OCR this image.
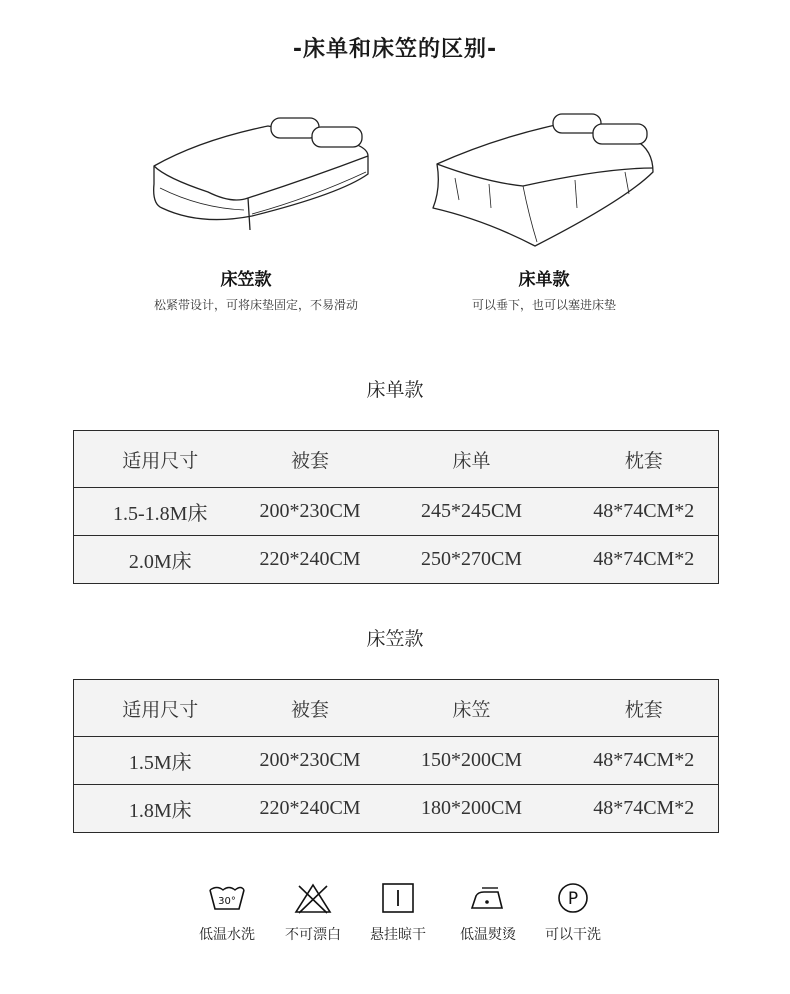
-床单和床笠的区别-
床笠款
松紧带设计，可将床垫固定，不易滑动
床单款
可以垂下，也可以塞进床垫
床单款
适用尺寸	被套	床单	枕套
1.5-1.8M床	200*230CM	245*245CM	48*74CM*2
2.0M床	220*240CM	250*270CM	48*74CM*2
床笠款
适用尺寸	被套	床笠	枕套
1.5M床	200*230CM	150*200CM	48*74CM*2
1.8M床	220*240CM	180*200CM	48*74CM*2
30°
低温水洗	不可漂白	悬挂晾干	低温熨烫
P
可以干洗
